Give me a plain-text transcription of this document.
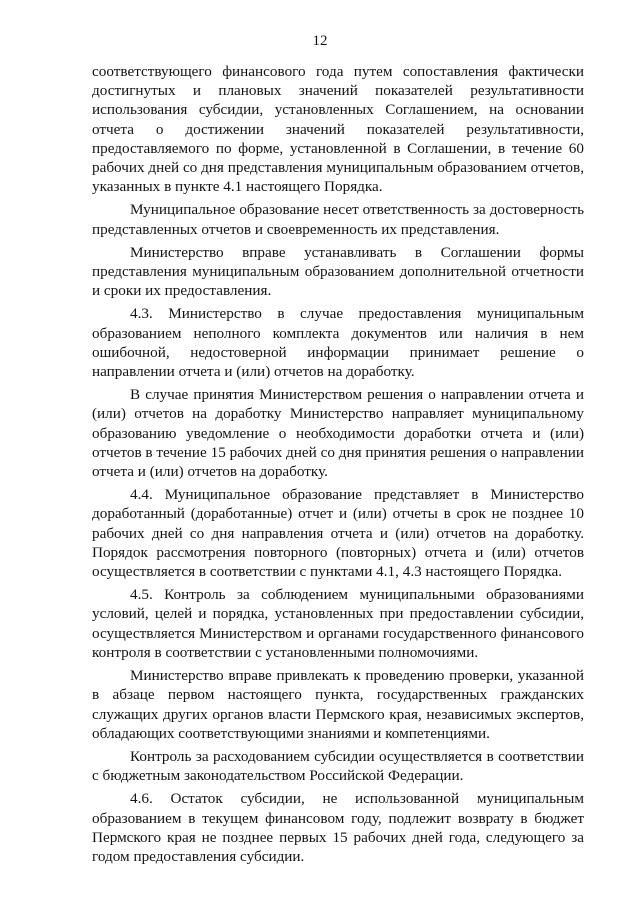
12

соответствующего финансового года путем сопоставления фактически достигнутых и плановых значений показателей результативности использования субсидии, установленных Соглашением, на основании отчета о достижении значений показателей результативности, предоставляемого по форме, установленной в Соглашении, в течение 60 рабочих дней со дня представления муниципальным образованием отчетов, указанных в пункте 4.1 настоящего Порядка.

Муниципальное образование несет ответственность за достоверность представленных отчетов и своевременность их представления.

Министерство вправе устанавливать в Соглашении формы представления муниципальным образованием дополнительной отчетности и сроки их предоставления.

4.3. Министерство в случае предоставления муниципальным образованием неполного комплекта документов или наличия в нем ошибочной, недостоверной информации принимает решение о направлении отчета и (или) отчетов на доработку.

В случае принятия Министерством решения о направлении отчета и (или) отчетов на доработку Министерство направляет муниципальному образованию уведомление о необходимости доработки отчета и (или) отчетов в течение 15 рабочих дней со дня принятия решения о направлении отчета и (или) отчетов на доработку.

4.4. Муниципальное образование представляет в Министерство доработанный (доработанные) отчет и (или) отчеты в срок не позднее 10 рабочих дней со дня направления отчета и (или) отчетов на доработку. Порядок рассмотрения повторного (повторных) отчета и (или) отчетов осуществляется в соответствии с пунктами 4.1, 4.3 настоящего Порядка.

4.5. Контроль за соблюдением муниципальными образованиями условий, целей и порядка, установленных при предоставлении субсидии, осуществляется Министерством и органами государственного финансового контроля в соответствии с установленными полномочиями.

Министерство вправе привлекать к проведению проверки, указанной в абзаце первом настоящего пункта, государственных гражданских служащих других органов власти Пермского края, независимых экспертов, обладающих соответствующими знаниями и компетенциями.

Контроль за расходованием субсидии осуществляется в соответствии с бюджетным законодательством Российской Федерации.

4.6. Остаток субсидии, не использованной муниципальным образованием в текущем финансовом году, подлежит возврату в бюджет Пермского края не позднее первых 15 рабочих дней года, следующего за годом предоставления субсидии.
